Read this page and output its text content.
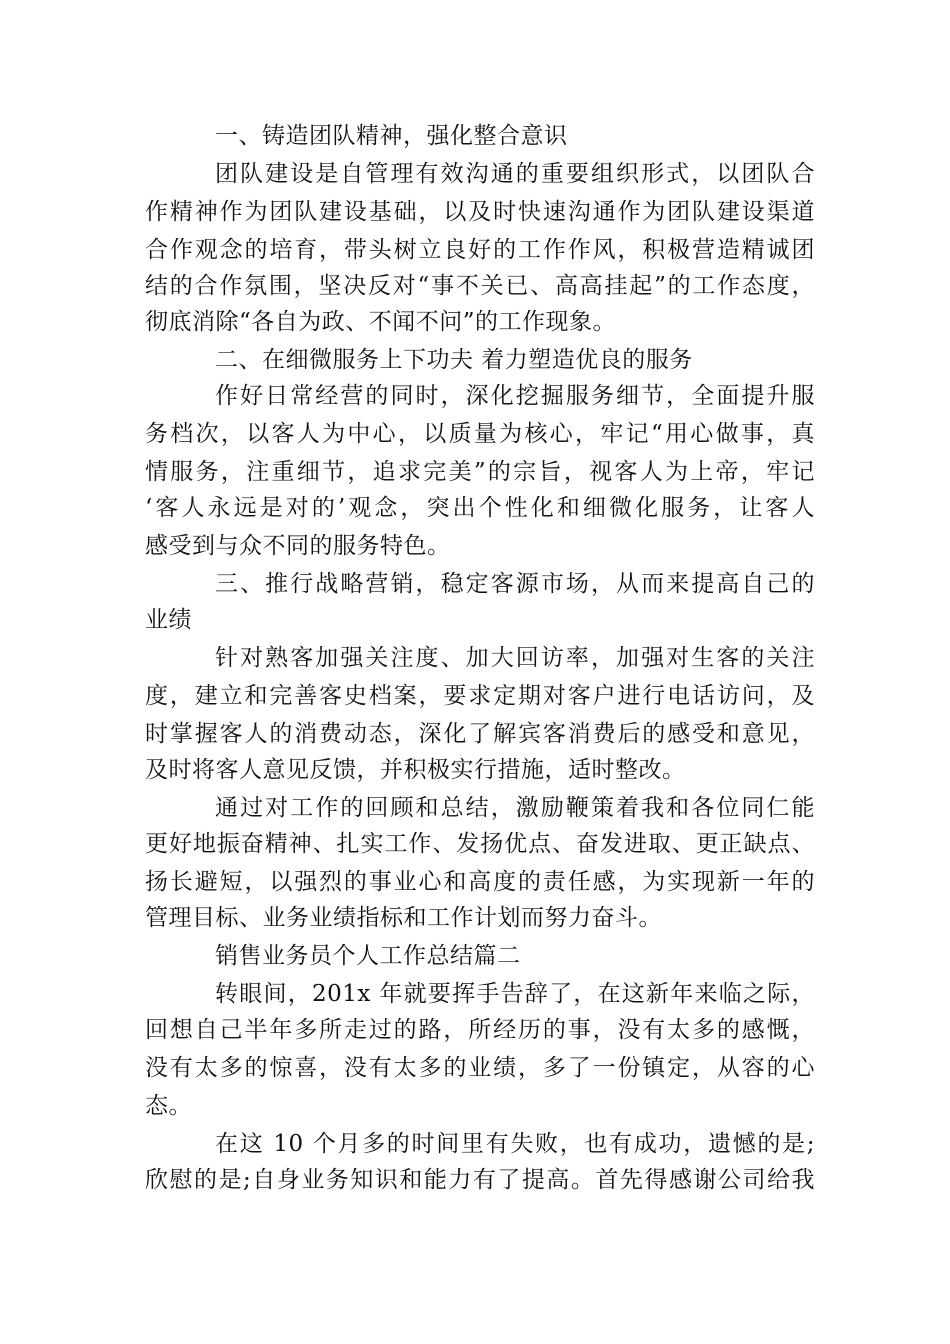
一、铸造团队精神，强化整合意识
团队建设是自管理有效沟通的重要组织形式，以团队合
作精神作为团队建设基础，以及时快速沟通作为团队建设渠道
合作观念的培育，带头树立良好的工作作风，积极营造精诚团
结的合作氛围，坚决反对“事不关已、高高挂起”的工作态度，
彻底消除“各自为政、不闻不问”的工作现象。
二、在细微服务上下功夫 着力塑造优良的服务
作好日常经营的同时，深化挖掘服务细节，全面提升服
务档次，以客人为中心，以质量为核心，牢记“用心做事，真
情服务，注重细节，追求完美”的宗旨，视客人为上帝，牢记
‘客人永远是对的’观念，突出个性化和细微化服务，让客人
感受到与众不同的服务特色。
三、推行战略营销，稳定客源市场，从而来提高自己的
业绩
针对熟客加强关注度、加大回访率，加强对生客的关注
度，建立和完善客史档案，要求定期对客户进行电话访问，及
时掌握客人的消费动态，深化了解宾客消费后的感受和意见，
及时将客人意见反馈，并积极实行措施，适时整改。
通过对工作的回顾和总结，激励鞭策着我和各位同仁能
更好地振奋精神、扎实工作、发扬优点、奋发进取、更正缺点、
扬长避短，以强烈的事业心和高度的责任感，为实现新一年的
管理目标、业务业绩指标和工作计划而努力奋斗。
销售业务员个人工作总结篇二
转眼间，201x 年就要挥手告辞了，在这新年来临之际，
回想自己半年多所走过的路，所经历的事，没有太多的感慨，
没有太多的惊喜，没有太多的业绩，多了一份镇定，从容的心
态。
在这 10 个月多的时间里有失败，也有成功，遗憾的是;
欣慰的是;自身业务知识和能力有了提高。首先得感谢公司给我
